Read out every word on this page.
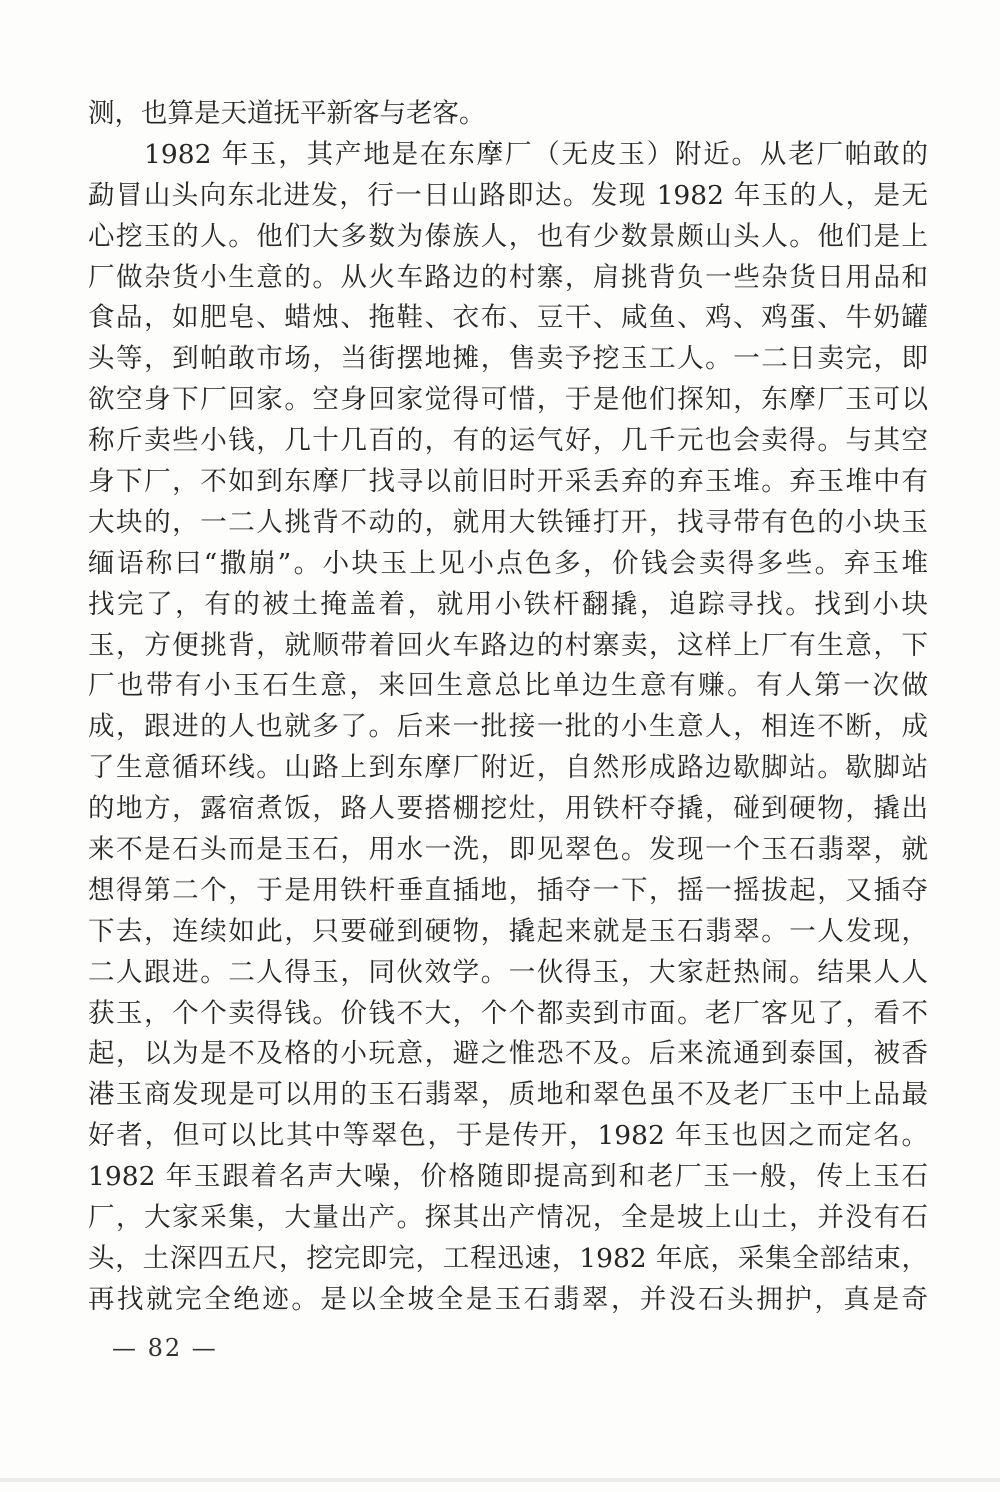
测，也算是天道抚平新客与老客。
1982 年玉，其产地是在东摩厂（无皮玉）附近。从老厂帕敢的
勐冒山头向东北进发，行一日山路即达。发现 1982 年玉的人，是无
心挖玉的人。他们大多数为傣族人，也有少数景颇山头人。他们是上
厂做杂货小生意的。从火车路边的村寨，肩挑背负一些杂货日用品和
食品，如肥皂、蜡烛、拖鞋、衣布、豆干、咸鱼、鸡、鸡蛋、牛奶罐
头等，到帕敢市场，当街摆地摊，售卖予挖玉工人。一二日卖完，即
欲空身下厂回家。空身回家觉得可惜，于是他们探知，东摩厂玉可以
称斤卖些小钱，几十几百的，有的运气好，几千元也会卖得。与其空
身下厂，不如到东摩厂找寻以前旧时开采丢弃的弃玉堆。弃玉堆中有
大块的，一二人挑背不动的，就用大铁锤打开，找寻带有色的小块玉
缅语称曰“撒崩”。小块玉上见小点色多，价钱会卖得多些。弃玉堆
找完了，有的被土掩盖着，就用小铁杆翻撬，追踪寻找。找到小块
玉，方便挑背，就顺带着回火车路边的村寨卖，这样上厂有生意，下
厂也带有小玉石生意，来回生意总比单边生意有赚。有人第一次做
成，跟进的人也就多了。后来一批接一批的小生意人，相连不断，成
了生意循环线。山路上到东摩厂附近，自然形成路边歇脚站。歇脚站
的地方，露宿煮饭，路人要搭棚挖灶，用铁杆夺撬，碰到硬物，撬出
来不是石头而是玉石，用水一洗，即见翠色。发现一个玉石翡翠，就
想得第二个，于是用铁杆垂直插地，插夺一下，摇一摇拔起，又插夺
下去，连续如此，只要碰到硬物，撬起来就是玉石翡翠。一人发现，
二人跟进。二人得玉，同伙效学。一伙得玉，大家赶热闹。结果人人
获玉，个个卖得钱。价钱不大，个个都卖到市面。老厂客见了，看不
起，以为是不及格的小玩意，避之惟恐不及。后来流通到泰国，被香
港玉商发现是可以用的玉石翡翠，质地和翠色虽不及老厂玉中上品最
好者，但可以比其中等翠色，于是传开，1982 年玉也因之而定名。
1982 年玉跟着名声大噪，价格随即提高到和老厂玉一般，传上玉石
厂，大家采集，大量出产。探其出产情况，全是坡上山土，并没有石
头，土深四五尺，挖完即完，工程迅速，1982 年底，采集全部结束，
再找就完全绝迹。是以全坡全是玉石翡翠，并没石头拥护，真是奇
— 82 —
